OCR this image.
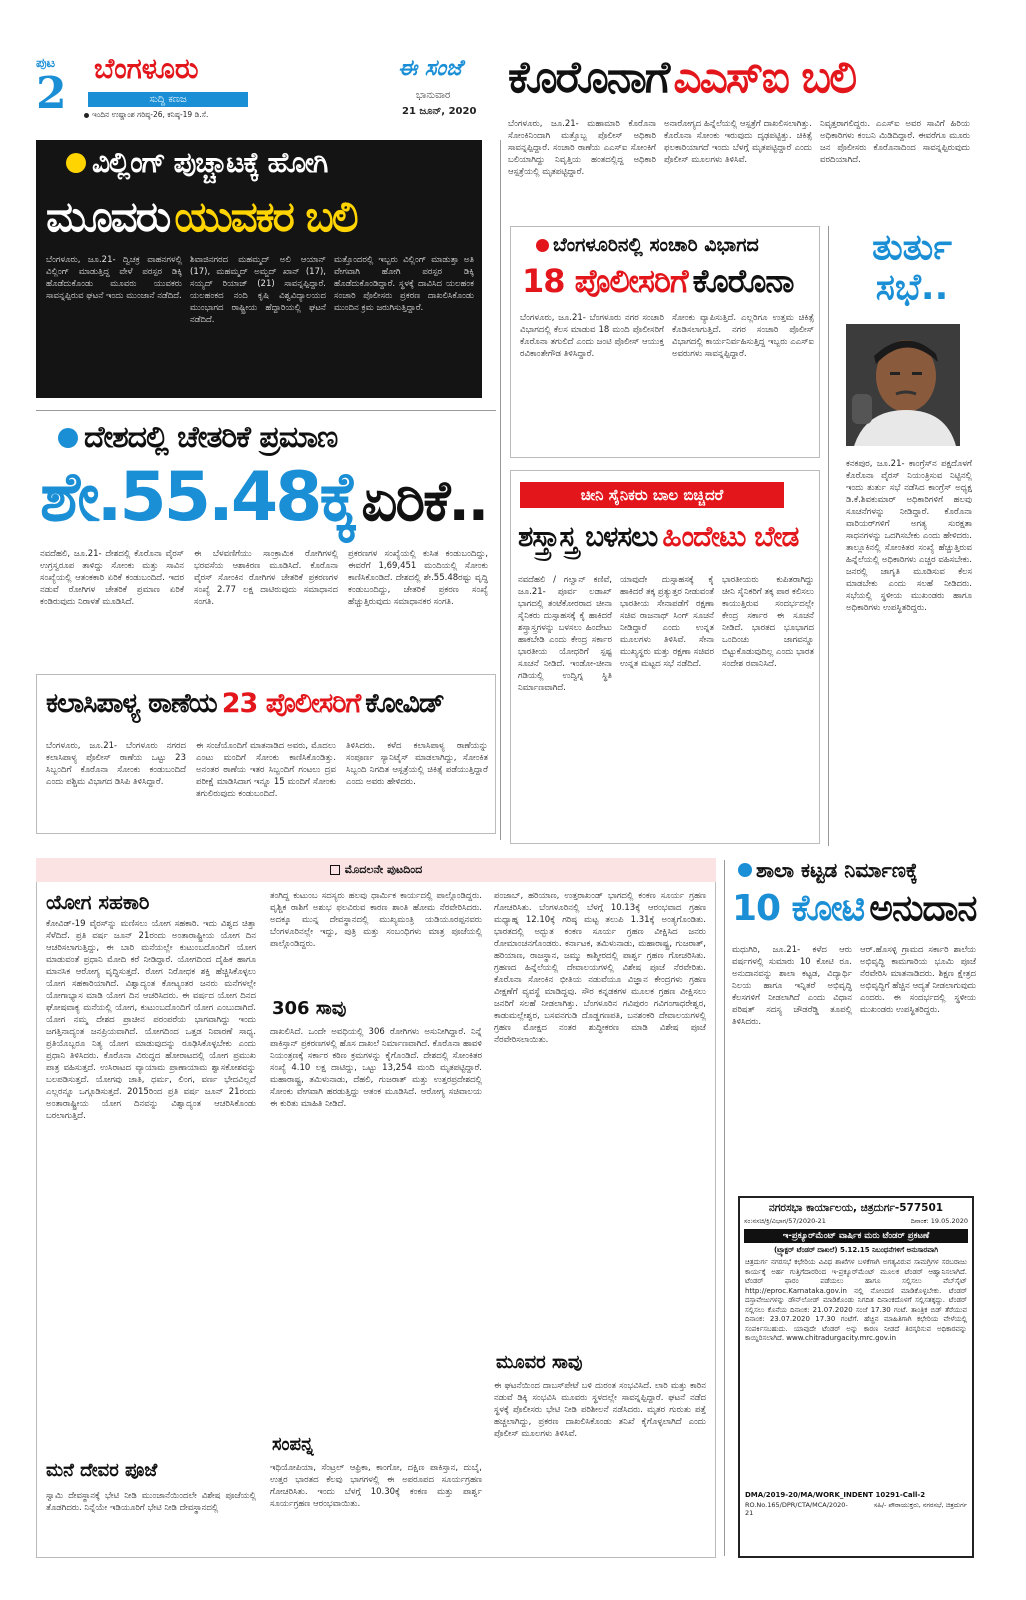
ಪುಟ
2 ಬೆಂಗಳೂರು
ಸುದ್ದಿ ಕಣಜ
ಇಂದಿನ ಉಷ್ಣಾಂಶ ಗರಿಷ್ಠ-26, ಕನಿಷ್ಠ-19 ಡಿ.ಸೆ.
ಈ ಸಂಜೆ
ಭಾನುವಾರ
21 ಜೂನ್, 2020
ಕೊರೊನಾಗೆ ಎಎಸ್‌ಐ ಬಲಿ
ಬೆಂಗಳೂರು, ಜೂ.21- ಮಹಾಮಾರಿ ಕೊರೊನಾ ಸೋಂಕಿನಿಂದಾಗಿ ಮತ್ತೊಬ್ಬ ಪೊಲೀಸ್ ಅಧಿಕಾರಿ ಸಾವನ್ನಪ್ಪಿದ್ದಾರೆ. ಸಂಚಾರಿ ಠಾಣೆಯ ಎಎಸ್‌ಐ ಸೋಂಕಿಗೆ ಬಲಿಯಾಗಿದ್ದು ನಿವೃತ್ತಿಯ ಹಂತದಲ್ಲಿದ್ದ ಅಧಿಕಾರಿ ಆಸ್ಪತ್ರೆಯಲ್ಲಿ ಮೃತಪಟ್ಟಿದ್ದಾರೆ.
ಅನಾರೋಗ್ಯದ ಹಿನ್ನೆಲೆಯಲ್ಲಿ ಆಸ್ಪತ್ರೆಗೆ ದಾಖಲಿಸಲಾಗಿತ್ತು. ಕೊರೊನಾ ಸೋಂಕು ಇರುವುದು ದೃಢಪಟ್ಟಿತ್ತು. ಚಿಕಿತ್ಸೆ ಫಲಕಾರಿಯಾಗದೆ ಇಂದು ಬೆಳಗ್ಗೆ ಮೃತಪಟ್ಟಿದ್ದಾರೆ ಎಂದು ಪೊಲೀಸ್ ಮೂಲಗಳು ತಿಳಿಸಿವೆ.
ನಿವೃತ್ತರಾಗಲಿದ್ದರು. ಎಎಸ್‌ಐ ಅವರ ಸಾವಿಗೆ ಹಿರಿಯ ಅಧಿಕಾರಿಗಳು ಕಂಬನಿ ಮಿಡಿದಿದ್ದಾರೆ. ಈವರೆಗೂ ಮೂರು ಜನ ಪೊಲೀಸರು ಕೊರೊನಾದಿಂದ ಸಾವನ್ನಪ್ಪಿರುವುದು ವರದಿಯಾಗಿದೆ.
ವಿಲ್ಲಿಂಗ್ ಪುಚ್ಚಾಟಕ್ಕೆ ಹೋಗಿ
ಮೂವರು ಯುವಕರ ಬಲಿ
ಬೆಂಗಳೂರು, ಜೂ.21- ದ್ವಿಚಕ್ರ ವಾಹನಗಳಲ್ಲಿ ವಿಲ್ಲಿಂಗ್ ಮಾಡುತ್ತಿದ್ದ ವೇಳೆ ಪರಸ್ಪರ ಡಿಕ್ಕಿ ಹೊಡೆದುಕೊಂಡು ಮೂವರು ಯುವಕರು ಸಾವನ್ನಪ್ಪಿರುವ ಘಟನೆ ಇಂದು ಮುಂಜಾನೆ ನಡೆದಿದೆ.
ಶಿವಾಜಿನಗರದ ಮಹಮ್ಮದ್ ಅಲಿ ಆಯಾನ್ (17), ಮಹಮ್ಮದ್ ಅಮ್ಜದ್ ಖಾನ್ (17), ಸಯ್ಯದ್ ರಿಯಾಜ್ (21) ಸಾವನ್ನಪ್ಪಿದ್ದಾರೆ. ಯಲಹಂಕದ ನಂದಿ ಕೃಷಿ ವಿಶ್ವವಿದ್ಯಾಲಯದ ಮುಂಭಾಗದ ರಾಷ್ಟ್ರೀಯ ಹೆದ್ದಾರಿಯಲ್ಲಿ ಘಟನೆ ನಡೆದಿದೆ.
ಮತ್ತೊಂದರಲ್ಲಿ ಇಬ್ಬರು ವಿಲ್ಲಿಂಗ್ ಮಾಡುತ್ತಾ ಅತಿ ವೇಗವಾಗಿ ಹೋಗಿ ಪರಸ್ಪರ ಡಿಕ್ಕಿ ಹೊಡೆದುಕೊಂಡಿದ್ದಾರೆ. ಸ್ಥಳಕ್ಕೆ ದಾವಿಸಿದ ಯಲಹಂಕ ಸಂಚಾರಿ ಪೊಲೀಸರು ಪ್ರಕರಣ ದಾಖಲಿಸಿಕೊಂಡು ಮುಂದಿನ ಕ್ರಮ ಜರುಗಿಸುತ್ತಿದ್ದಾರೆ.
ಬೆಂಗಳೂರಿನಲ್ಲಿ ಸಂಚಾರಿ ವಿಭಾಗದ
18 ಪೊಲೀಸರಿಗೆ ಕೊರೊನಾ
ಬೆಂಗಳೂರು, ಜೂ.21- ಬೆಂಗಳೂರು ನಗರ ಸಂಚಾರಿ ವಿಭಾಗದಲ್ಲಿ ಕೆಲಸ ಮಾಡುವ 18 ಮಂದಿ ಪೊಲೀಸರಿಗೆ ಕೊರೊನಾ ತಗುಲಿದೆ ಎಂದು ಜಂಟಿ ಪೊಲೀಸ್ ಆಯುಕ್ತ ರವಿಕಾಂತೇಗೌಡ ತಿಳಿಸಿದ್ದಾರೆ.
ಸೋಂಕು ವ್ಯಾಪಿಸುತ್ತಿದೆ. ಎಲ್ಲರಿಗೂ ಉತ್ತಮ ಚಿಕಿತ್ಸೆ ಕೊಡಿಸಲಾಗುತ್ತಿದೆ. ನಗರ ಸಂಚಾರಿ ಪೊಲೀಸ್ ವಿಭಾಗದಲ್ಲಿ ಕಾರ್ಯನಿರ್ವಹಿಸುತ್ತಿದ್ದ ಇಬ್ಬರು ಎಎಸ್‌ಐ ಅವರುಗಳು ಸಾವನ್ನಪ್ಪಿದ್ದಾರೆ.
ತುರ್ತು
ಸಭೆ..
ಕನಕಪುರ, ಜೂ.21- ಕಾಂಗ್ರೆಸ್‌ನ ಪಕ್ಷದೊಳಗೆ ಕೊರೊನಾ ವೈರಸ್ ನಿಯಂತ್ರಿಸುವ ನಿಟ್ಟಿನಲ್ಲಿ ಇಂದು ತುರ್ತು ಸಭೆ ನಡೆಸಿದ ಕಾಂಗ್ರೆಸ್ ಅಧ್ಯಕ್ಷ ಡಿ.ಕೆ.ಶಿವಕುಮಾರ್ ಅಧಿಕಾರಿಗಳಿಗೆ ಹಲವು ಸೂಚನೆಗಳನ್ನು ನೀಡಿದ್ದಾರೆ. ಕೊರೊನಾ ವಾರಿಯರ್‌ಗಳಿಗೆ ಅಗತ್ಯ ಸುರಕ್ಷತಾ ಸಾಧನಗಳನ್ನು ಒದಗಿಸಬೇಕು ಎಂದು ಹೇಳಿದರು. ತಾಲ್ಲೂಕಿನಲ್ಲಿ ಸೋಂಕಿತರ ಸಂಖ್ಯೆ ಹೆಚ್ಚುತ್ತಿರುವ ಹಿನ್ನೆಲೆಯಲ್ಲಿ ಅಧಿಕಾರಿಗಳು ಎಚ್ಚರ ವಹಿಸಬೇಕು. ಜನರಲ್ಲಿ ಜಾಗೃತಿ ಮೂಡಿಸುವ ಕೆಲಸ ಮಾಡಬೇಕು ಎಂದು ಸಲಹೆ ನೀಡಿದರು. ಸಭೆಯಲ್ಲಿ ಸ್ಥಳೀಯ ಮುಖಂಡರು ಹಾಗೂ ಅಧಿಕಾರಿಗಳು ಉಪಸ್ಥಿತರಿದ್ದರು.
ದೇಶದಲ್ಲಿ ಚೇತರಿಕೆ ಪ್ರಮಾಣ
ಶೇ.55.48ಕ್ಕೆ ಏರಿಕೆ..
ನವದೆಹಲಿ, ಜೂ.21- ದೇಶದಲ್ಲಿ ಕೊರೊನಾ ವೈರಸ್ ಉಗ್ರಸ್ವರೂಪ ತಾಳಿದ್ದು ಸೋಂಕು ಮತ್ತು ಸಾವಿನ ಸಂಖ್ಯೆಯಲ್ಲಿ ಆತಂಕಕಾರಿ ಏರಿಕೆ ಕಂಡುಬಂದಿದೆ. ಇದರ ನಡುವೆ ರೋಗಿಗಳ ಚೇತರಿಕೆ ಪ್ರಮಾಣ ಏರಿಕೆ ಕಂಡಿರುವುದು ನಿರಾಳತೆ ಮೂಡಿಸಿದೆ.
ಈ ಬೆಳವಣಿಗೆಯು ಸಾಂಕ್ರಾಮಿಕ ರೋಗಿಗಳಲ್ಲಿ ಭರವಸೆಯ ಆಶಾಕಿರಣ ಮೂಡಿಸಿದೆ. ಕೊರೊನಾ ವೈರಸ್ ಸೋಂಕಿನ ರೋಗಿಗಳ ಚೇತರಿಕೆ ಪ್ರಕರಣಗಳ ಸಂಖ್ಯೆ 2.77 ಲಕ್ಷ ದಾಟಿರುವುದು ಸಮಾಧಾನದ ಸಂಗತಿ.
ಪ್ರಕರಣಗಳ ಸಂಖ್ಯೆಯಲ್ಲಿ ಕುಸಿತ ಕಂಡುಬಂದಿದ್ದು, ಈವರೆಗೆ 1,69,451 ಮಂದಿಯಲ್ಲಿ ಸೋಂಕು ಕಾಣಿಸಿಕೊಂಡಿದೆ. ದೇಶದಲ್ಲಿ ಶೇ.55.48ರಷ್ಟು ವೃದ್ಧಿ ಕಂಡುಬಂದಿದ್ದು, ಚೇತರಿಕೆ ಪ್ರಕರಣ ಸಂಖ್ಯೆ ಹೆಚ್ಚುತ್ತಿರುವುದು ಸಮಾಧಾನಕರ ಸಂಗತಿ.
ಕಲಾಸಿಪಾಳ್ಯ ಠಾಣೆಯ 23 ಪೊಲೀಸರಿಗೆ ಕೋವಿಡ್
ಬೆಂಗಳೂರು, ಜೂ.21- ಬೆಂಗಳೂರು ನಗರದ ಕಲಾಸಿಪಾಳ್ಯ ಪೊಲೀಸ್ ಠಾಣೆಯ ಒಟ್ಟು 23 ಸಿಬ್ಬಂದಿಗೆ ಕೊರೊನಾ ಸೋಂಕು ಕಂಡುಬಂದಿದೆ ಎಂದು ಪಶ್ಚಿಮ ವಿಭಾಗದ ಡಿಸಿಪಿ ತಿಳಿಸಿದ್ದಾರೆ.
ಈ ಸಂಜೆಯೊಂದಿಗೆ ಮಾತನಾಡಿದ ಅವರು, ಮೊದಲು ಎಂಟು ಮಂದಿಗೆ ಸೋಂಕು ಕಾಣಿಸಿಕೊಂಡಿತ್ತು. ಅನಂತರ ಠಾಣೆಯ ಇತರ ಸಿಬ್ಬಂದಿಗೆ ಗಂಟಲು ದ್ರವ ಪರೀಕ್ಷೆ ಮಾಡಿಸಿದಾಗ ಇನ್ನೂ 15 ಮಂದಿಗೆ ಸೋಂಕು ತಗುಲಿರುವುದು ಕಂಡುಬಂದಿದೆ.
ತಿಳಿಸಿದರು. ಕಳೆದ ಕಲಾಸಿಪಾಳ್ಯ ಠಾಣೆಯನ್ನು ಸಂಪೂರ್ಣ ಸ್ಯಾನಿಟೈಸ್ ಮಾಡಲಾಗಿದ್ದು, ಸೋಂಕಿತ ಸಿಬ್ಬಂದಿ ನಿಗದಿತ ಆಸ್ಪತ್ರೆಯಲ್ಲಿ ಚಿಕಿತ್ಸೆ ಪಡೆಯುತ್ತಿದ್ದಾರೆ ಎಂದು ಅವರು ಹೇಳಿದರು.
ಚೀನಿ ಸೈನಿಕರು ಬಾಲ ಬಿಚ್ಚಿದರೆ
ಶಸ್ತ್ರಾಸ್ತ್ರ ಬಳಸಲು ಹಿಂದೇಟು ಬೇಡ
ನವದೆಹಲಿ / ಗಲ್ವಾನ್ ಕಣಿವೆ, ಜೂ.21- ಪೂರ್ವ ಲಡಾಖ್ ಭಾಗದಲ್ಲಿ ತಂಟೆಕೋರರಾದ ಚೀನಾ ಸೈನಿಕರು ದುಸ್ಸಾಹಸಕ್ಕೆ ಕೈ ಹಾಕಿದರೆ ಶಸ್ತ್ರಾಸ್ತ್ರಗಳನ್ನು ಬಳಸಲು ಹಿಂದೇಟು ಹಾಕಬೇಡಿ ಎಂದು ಕೇಂದ್ರ ಸರ್ಕಾರ ಭಾರತೀಯ ಯೋಧರಿಗೆ ಸ್ಪಷ್ಟ ಸೂಚನೆ ನೀಡಿದೆ. ಇಂಡೋ-ಚೀನಾ ಗಡಿಯಲ್ಲಿ ಉದ್ವಿಗ್ನ ಸ್ಥಿತಿ ನಿರ್ಮಾಣವಾಗಿದೆ.
ಯಾವುದೇ ದುಸ್ಸಾಹಸಕ್ಕೆ ಕೈ ಹಾಕಿದರೆ ತಕ್ಕ ಪ್ರತ್ಯುತ್ತರ ನೀಡುವಂತೆ ಭಾರತೀಯ ಸೇನಾಪಡೆಗೆ ರಕ್ಷಣಾ ಸಚಿವ ರಾಜನಾಥ್ ಸಿಂಗ್ ಸೂಚನೆ ನೀಡಿದ್ದಾರೆ ಎಂದು ಉನ್ನತ ಮೂಲಗಳು ತಿಳಿಸಿವೆ. ಸೇನಾ ಮುಖ್ಯಸ್ಥರು ಮತ್ತು ರಕ್ಷಣಾ ಸಚಿವರ ಉನ್ನತ ಮಟ್ಟದ ಸಭೆ ನಡೆದಿದೆ.
ಭಾರತೀಯರು ಕುಪಿತರಾಗಿದ್ದು ಚೀನಿ ಸೈನಿಕರಿಗೆ ತಕ್ಕ ಪಾಠ ಕಲಿಸಲು ಕಾಯುತ್ತಿರುವ ಸಂದರ್ಭದಲ್ಲೇ ಕೇಂದ್ರ ಸರ್ಕಾರ ಈ ಸೂಚನೆ ನೀಡಿದೆ. ಭಾರತದ ಭೂಭಾಗದ ಒಂದಿಂಚು ಜಾಗವನ್ನೂ ಬಿಟ್ಟುಕೊಡುವುದಿಲ್ಲ ಎಂದು ಭಾರತ ಸಂದೇಶ ರವಾನಿಸಿದೆ.
ಮೊದಲನೇ ಪುಟದಿಂದ
ಯೋಗ ಸಹಕಾರಿ
ಕೋವಿಡ್-19 ವೈರಸ್‌ನ್ನು ಮಣಿಸಲು ಯೋಗ ಸಹಕಾರಿ. ಇದು ವಿಶ್ವದ ಚಿತ್ತಾ ಸೆಳೆದಿದೆ. ಪ್ರತಿ ವರ್ಷ ಜೂನ್ 21ರಂದು ಅಂತಾರಾಷ್ಟ್ರೀಯ ಯೋಗ ದಿನ ಆಚರಿಸಲಾಗುತ್ತಿದ್ದು, ಈ ಬಾರಿ ಮನೆಯಲ್ಲೇ ಕುಟುಂಬದೊಂದಿಗೆ ಯೋಗ ಮಾಡುವಂತೆ ಪ್ರಧಾನಿ ಮೋದಿ ಕರೆ ನೀಡಿದ್ದಾರೆ. ಯೋಗದಿಂದ ದೈಹಿಕ ಹಾಗೂ ಮಾನಸಿಕ ಆರೋಗ್ಯ ವೃದ್ಧಿಸುತ್ತದೆ. ರೋಗ ನಿರೋಧಕ ಶಕ್ತಿ ಹೆಚ್ಚಿಸಿಕೊಳ್ಳಲು ಯೋಗ ಸಹಕಾರಿಯಾಗಿದೆ. ವಿಶ್ವಾದ್ಯಂತ ಕೋಟ್ಯಂತರ ಜನರು ಮನೆಗಳಲ್ಲೇ ಯೋಗಾಭ್ಯಾಸ ಮಾಡಿ ಯೋಗ ದಿನ ಆಚರಿಸಿದರು. ಈ ವರ್ಷದ ಯೋಗ ದಿನದ ಘೋಷವಾಕ್ಯ ಮನೆಯಲ್ಲಿ ಯೋಗ, ಕುಟುಂಬದೊಂದಿಗೆ ಯೋಗ ಎಂಬುದಾಗಿದೆ. ಯೋಗ ನಮ್ಮ ದೇಶದ ಪ್ರಾಚೀನ ಪರಂಪರೆಯ ಭಾಗವಾಗಿದ್ದು ಇಂದು ಜಗತ್ತಿನಾದ್ಯಂತ ಜನಪ್ರಿಯವಾಗಿದೆ. ಯೋಗದಿಂದ ಒತ್ತಡ ನಿವಾರಣೆ ಸಾಧ್ಯ. ಪ್ರತಿಯೊಬ್ಬರೂ ನಿತ್ಯ ಯೋಗ ಮಾಡುವುದನ್ನು ರೂಢಿಸಿಕೊಳ್ಳಬೇಕು ಎಂದು ಪ್ರಧಾನಿ ತಿಳಿಸಿದರು. ಕೊರೊನಾ ವಿರುದ್ಧದ ಹೋರಾಟದಲ್ಲಿ ಯೋಗ ಪ್ರಮುಖ ಪಾತ್ರ ವಹಿಸುತ್ತದೆ. ಉಸಿರಾಟದ ವ್ಯಾಯಾಮ ಪ್ರಾಣಾಯಾಮ ಶ್ವಾಸಕೋಶವನ್ನು ಬಲಪಡಿಸುತ್ತದೆ. ಯೋಗವು ಜಾತಿ, ಧರ್ಮ, ಲಿಂಗ, ವರ್ಣ ಭೇದವಿಲ್ಲದೆ ಎಲ್ಲರನ್ನೂ ಒಗ್ಗೂಡಿಸುತ್ತದೆ. 2015ರಿಂದ ಪ್ರತಿ ವರ್ಷ ಜೂನ್ 21ರಂದು ಅಂತಾರಾಷ್ಟ್ರೀಯ ಯೋಗ ದಿನವನ್ನು ವಿಶ್ವಾದ್ಯಂತ ಆಚರಿಸಿಕೊಂಡು ಬರಲಾಗುತ್ತಿದೆ.
ಮನೆ ದೇವರ ಪೂಜೆ
ಸ್ವಾಮಿ ದೇವಸ್ಥಾನಕ್ಕೆ ಭೇಟಿ ನೀಡಿ ಮುಂಜಾನೆಯಿಂದಲೇ ವಿಶೇಷ ಪೂಜೆಯಲ್ಲಿ ತೊಡಗಿದರು. ನಿನ್ನೆಯೇ ಇಡಿಯೂರಿಗೆ ಭೇಟಿ ನೀಡಿ ದೇವಸ್ಥಾನದಲ್ಲಿ
ತಂಗಿದ್ದ ಕುಟುಂಬ ಸದಸ್ಯರು ಹಲವು ಧಾರ್ಮಿಕ ಕಾರ್ಯದಲ್ಲಿ ಪಾಲ್ಗೊಂಡಿದ್ದರು. ವೃಶ್ಚಿಕ ರಾಶಿಗೆ ಅಶುಭ ಫಲವಿರುವ ಕಾರಣ ಶಾಂತಿ ಹೋಮ ನೆರವೇರಿಸಿದರು. ಅದಕ್ಕೂ ಮುನ್ನ ದೇವಸ್ಥಾನದಲ್ಲಿ ಮುಖ್ಯಮಂತ್ರಿ ಯಡಿಯೂರಪ್ಪನವರು ಬೆಂಗಳೂರಿನಲ್ಲೇ ಇದ್ದು, ಪುತ್ರಿ ಮತ್ತು ಸಂಬಂಧಿಗಳು ಮಾತ್ರ ಪೂಜೆಯಲ್ಲಿ ಪಾಲ್ಗೊಂಡಿದ್ದರು.
306 ಸಾವು
ದಾಖಲಿಸಿದೆ. ಒಂದೇ ಅವಧಿಯಲ್ಲಿ 306 ರೋಗಿಗಳು ಅಸುನೀಗಿದ್ದಾರೆ. ನಿನ್ನೆ ಪಾಕಿಸ್ತಾನ್ ಪ್ರಕರಣಗಳಲ್ಲಿ ಹೊಸ ದಾಖಲೆ ನಿರ್ಮಾಣವಾಗಿದೆ. ಕೊರೊನಾ ಹಾವಳಿ ನಿಯಂತ್ರಣಕ್ಕೆ ಸರ್ಕಾರ ಕಠಿಣ ಕ್ರಮಗಳನ್ನು ಕೈಗೊಂಡಿದೆ. ದೇಶದಲ್ಲಿ ಸೋಂಕಿತರ ಸಂಖ್ಯೆ 4.10 ಲಕ್ಷ ದಾಟಿದ್ದು, ಒಟ್ಟು 13,254 ಮಂದಿ ಮೃತಪಟ್ಟಿದ್ದಾರೆ. ಮಹಾರಾಷ್ಟ್ರ, ತಮಿಳುನಾಡು, ದೆಹಲಿ, ಗುಜರಾತ್ ಮತ್ತು ಉತ್ತರಪ್ರದೇಶದಲ್ಲಿ ಸೋಂಕು ವೇಗವಾಗಿ ಹರಡುತ್ತಿದ್ದು ಆತಂಕ ಮೂಡಿಸಿದೆ. ಆರೋಗ್ಯ ಸಚಿವಾಲಯ ಈ ಕುರಿತು ಮಾಹಿತಿ ನೀಡಿದೆ.
ಸಂಪನ್ನ
ಇಥಿಯೋಪಿಯಾ, ಸೆಂಟ್ರಲ್ ಆಫ್ರಿಕಾ, ಕಾಂಗೋ, ದಕ್ಷಿಣ ಪಾಕಿಸ್ತಾನ, ದುಬೈ, ಉತ್ತರ ಭಾರತದ ಕೆಲವು ಭಾಗಗಳಲ್ಲಿ ಈ ಅಪರೂಪದ ಸೂರ್ಯಗ್ರಹಣ ಗೋಚರಿಸಿತು. ಇಂದು ಬೆಳಗ್ಗೆ 10.30ಕ್ಕೆ ಕಂಕಣ ಮತ್ತು ಪಾರ್ಶ್ವ ಸೂರ್ಯಗ್ರಹಣ ಆರಂಭವಾಯಿತು.
ಪಂಜಾಬ್, ಹರಿಯಾಣ, ಉತ್ತರಾಖಂಡ್ ಭಾಗದಲ್ಲಿ ಕಂಕಣ ಸೂರ್ಯ ಗ್ರಹಣ ಗೋಚರಿಸಿತು. ಬೆಂಗಳೂರಿನಲ್ಲಿ ಬೆಳಗ್ಗೆ 10.13ಕ್ಕೆ ಆರಂಭವಾದ ಗ್ರಹಣ ಮಧ್ಯಾಹ್ನ 12.10ಕ್ಕೆ ಗರಿಷ್ಠ ಮಟ್ಟ ತಲುಪಿ 1.31ಕ್ಕೆ ಅಂತ್ಯಗೊಂಡಿತು. ಭಾರತದಲ್ಲಿ ಅದ್ಭುತ ಕಂಕಣ ಸೂರ್ಯ ಗ್ರಹಣ ವೀಕ್ಷಿಸಿದ ಜನರು ರೋಮಾಂಚನಗೊಂಡರು. ಕರ್ನಾಟಕ, ತಮಿಳುನಾಡು, ಮಹಾರಾಷ್ಟ್ರ, ಗುಜರಾತ್, ಹರಿಯಾಣ, ರಾಜಸ್ಥಾನ, ಜಮ್ಮು ಕಾಶ್ಮೀರದಲ್ಲಿ ಪಾರ್ಶ್ವ ಗ್ರಹಣ ಗೋಚರಿಸಿತು. ಗ್ರಹಣದ ಹಿನ್ನೆಲೆಯಲ್ಲಿ ದೇವಾಲಯಗಳಲ್ಲಿ ವಿಶೇಷ ಪೂಜೆ ನೆರವೇರಿತು. ಕೊರೊನಾ ಸೋಂಕಿನ ಭೀತಿಯ ನಡುವೆಯೂ ವಿಜ್ಞಾನ ಕೇಂದ್ರಗಳು ಗ್ರಹಣ ವೀಕ್ಷಣೆಗೆ ವ್ಯವಸ್ಥೆ ಮಾಡಿದ್ದವು. ಸೌರ ಕನ್ನಡಕಗಳ ಮೂಲಕ ಗ್ರಹಣ ವೀಕ್ಷಿಸಲು ಜನರಿಗೆ ಸಲಹೆ ನೀಡಲಾಗಿತ್ತು. ಬೆಂಗಳೂರಿನ ಗವಿಪುರಂ ಗವಿಗಂಗಾಧರೇಶ್ವರ, ಕಾಡುಮಲ್ಲೇಶ್ವರ, ಬಸವನಗುಡಿ ದೊಡ್ಡಗಣಪತಿ, ಬನಶಂಕರಿ ದೇವಾಲಯಗಳಲ್ಲಿ ಗ್ರಹಣ ಮೋಕ್ಷದ ನಂತರ ಶುದ್ಧೀಕರಣ ಮಾಡಿ ವಿಶೇಷ ಪೂಜೆ ನೆರವೇರಿಸಲಾಯಿತು.
ಮೂವರ ಸಾವು
ಈ ಘಟನೆಯಿಂದ ದಾಬಸ್‌ಪೇಟೆ ಬಳಿ ದುರಂತ ಸಂಭವಿಸಿದೆ. ಲಾರಿ ಮತ್ತು ಕಾರಿನ ನಡುವೆ ಡಿಕ್ಕಿ ಸಂಭವಿಸಿ ಮೂವರು ಸ್ಥಳದಲ್ಲೇ ಸಾವನ್ನಪ್ಪಿದ್ದಾರೆ. ಘಟನೆ ನಡೆದ ಸ್ಥಳಕ್ಕೆ ಪೊಲೀಸರು ಭೇಟಿ ನೀಡಿ ಪರಿಶೀಲನೆ ನಡೆಸಿದರು. ಮೃತರ ಗುರುತು ಪತ್ತೆ ಹಚ್ಚಲಾಗಿದ್ದು, ಪ್ರಕರಣ ದಾಖಲಿಸಿಕೊಂಡು ತನಿಖೆ ಕೈಗೊಳ್ಳಲಾಗಿದೆ ಎಂದು ಪೊಲೀಸ್ ಮೂಲಗಳು ತಿಳಿಸಿವೆ.
ಶಾಲಾ ಕಟ್ಟಡ ನಿರ್ಮಾಣಕ್ಕೆ
10 ಕೋಟಿ ಅನುದಾನ
ಮಧುಗಿರಿ, ಜೂ.21- ಕಳೆದ ಆರು ವರ್ಷಗಳಲ್ಲಿ ಸುಮಾರು 10 ಕೋಟಿ ರೂ. ಅನುದಾನವನ್ನು ಶಾಲಾ ಕಟ್ಟಡ, ವಿದ್ಯಾರ್ಥಿ ನಿಲಯ ಹಾಗೂ ಇನ್ನಿತರೆ ಅಭಿವೃದ್ಧಿ ಕೆಲಸಗಳಿಗೆ ನೀಡಲಾಗಿದೆ ಎಂದು ವಿಧಾನ ಪರಿಷತ್ ಸದಸ್ಯ ಚೌಡರೆಡ್ಡಿ ತೂಪಲ್ಲಿ ತಿಳಿಸಿದರು.
ಆರ್.ಹೊಸಳ್ಳಿ ಗ್ರಾಮದ ಸರ್ಕಾರಿ ಶಾಲೆಯ ಅಭಿವೃದ್ಧಿ ಕಾಮಗಾರಿಯ ಭೂಮಿ ಪೂಜೆ ನೆರವೇರಿಸಿ ಮಾತನಾಡಿದರು. ಶಿಕ್ಷಣ ಕ್ಷೇತ್ರದ ಅಭಿವೃದ್ಧಿಗೆ ಹೆಚ್ಚಿನ ಆದ್ಯತೆ ನೀಡಲಾಗುವುದು ಎಂದರು. ಈ ಸಂದರ್ಭದಲ್ಲಿ ಸ್ಥಳೀಯ ಮುಖಂಡರು ಉಪಸ್ಥಿತರಿದ್ದರು.
ನಗರಸಭಾ ಕಾರ್ಯಾಲಯ, ಚಿತ್ರದುರ್ಗ-577501
ಸಂ:ನಸಚಿ/ಕ್ರಿ/ವಿಭಾಗ/57/2020-21	ದಿನಾಂಕ: 19.05.2020
ಇ-ಪ್ರಕ್ಯೂರ್‌ಮೆಂಟ್ ವಾರ್ಷಿಕ ಮರು ಟೆಂಡರ್ ಪ್ರಕಟಣೆ
(ಟ್ರ್ಯಾಕ್ಟರ್ ಟೆಂಡರ್ ದಾಖಲೆ) 5.12.15 ನಿಬಂಧನೆಗಳಿಗೆ ಅನುಸಾರವಾಗಿ
ಚಿತ್ರದುರ್ಗ ನಗರಸಭೆ ಕಛೇರಿಯ ವಿವಿಧ ಶಾಖೆಗಳ ಬಳಕೆಗಾಗಿ ಅಗತ್ಯವಿರುವ ಸಾಮಗ್ರಿಗಳ ಸರಬರಾಜು ಕಾರ್ಯಕ್ಕೆ ಅರ್ಹ ಗುತ್ತಿಗೆದಾರರಿಂದ ಇ-ಪ್ರಕ್ಯೂರ್‌ಮೆಂಟ್ ಮೂಲಕ ಟೆಂಡರ್ ಆಹ್ವಾನಿಸಲಾಗಿದೆ. ಟೆಂಡರ್ ಫಾರಂ ಪಡೆಯಲು ಹಾಗೂ ಸಲ್ಲಿಸಲು ವೆಬ್‌ಸೈಟ್ http://eproc.Karnataka.gov.in ನಲ್ಲಿ ನೋಂದಣಿ ಮಾಡಿಕೊಳ್ಳಬೇಕು. ಟೆಂಡರ್ ದಸ್ತಾವೇಜುಗಳನ್ನು ಡೌನ್‌ಲೋಡ್ ಮಾಡಿಕೊಂಡು ನಿಗದಿತ ದಿನಾಂಕದೊಳಗೆ ಸಲ್ಲಿಸತಕ್ಕದ್ದು. ಟೆಂಡರ್ ಸಲ್ಲಿಸಲು ಕೊನೆಯ ದಿನಾಂಕ: 21.07.2020 ಸಂಜೆ 17.30 ಗಂಟೆ. ತಾಂತ್ರಿಕ ಬಿಡ್ ತೆರೆಯುವ ದಿನಾಂಕ: 23.07.2020 17.30 ಗಂಟೆಗೆ. ಹೆಚ್ಚಿನ ಮಾಹಿತಿಗಾಗಿ ಕಛೇರಿಯ ವೇಳೆಯಲ್ಲಿ ಸಂಪರ್ಕಿಸಬಹುದು. ಯಾವುದೇ ಟೆಂಡರ್ ಅನ್ನು ಕಾರಣ ನೀಡದೆ ತಿರಸ್ಕರಿಸುವ ಅಧಿಕಾರವನ್ನು ಕಾಯ್ದಿರಿಸಲಾಗಿದೆ. www.chitradurgacity.mrc.gov.in
DMA/2019-20/MA/WORK_INDENT 10291-Call-2
RO.No.165/DPR/CTA/MCA/2020-21
ಸಹಿ/- ಪೌರಾಯುಕ್ತರು, ನಗರಸಭೆ, ಚಿತ್ರದುರ್ಗ
